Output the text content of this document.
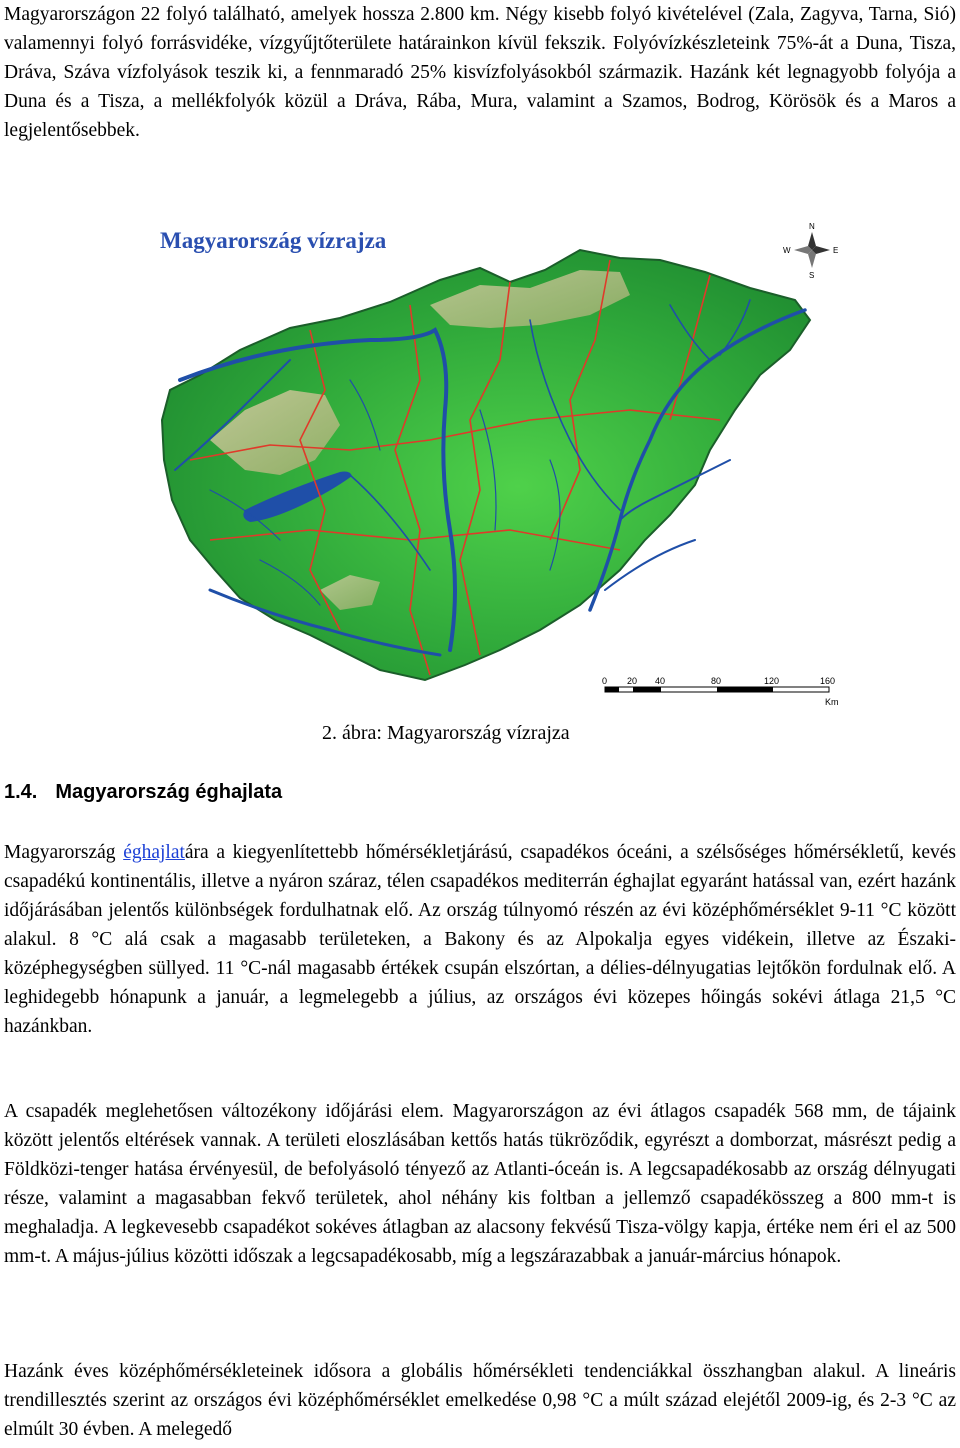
Magyarországon 22 folyó található, amelyek hossza 2.800 km. Négy kisebb folyó kivételével (Zala, Zagyva, Tarna, Sió) valamennyi folyó forrásvidéke, vízgyűjtőterülete határainkon kívül fekszik. Folyóvízkészleteink 75%-át a Duna, Tisza, Dráva, Száva vízfolyások teszik ki, a fennmaradó 25% kisvízfolyásokból származik. Hazánk két legnagyobb folyója a Duna és a Tisza, a mellékfolyók közül a Dráva, Rába, Mura, valamint a Szamos, Bodrog, Körösök és a Maros a legjelentősebbek.

Magyarország vízrajza
N
S
W	E
0 20 40	80	120	160
Km
2. ábra: Magyarország vízrajza
1.4. Magyarország éghajlata

Magyarország éghajlatára a kiegyenlítettebb hőmérsékletjárású, csapadékos óceáni, a szélsőséges hőmérsékletű, kevés csapadékú kontinentális, illetve a nyáron száraz, télen csapadékos mediterrán éghajlat egyaránt hatással van, ezért hazánk időjárásában jelentős különbségek fordulhatnak elő. Az ország túlnyomó részén az évi középhőmérséklet 9-11 °C között alakul. 8 °C alá csak a magasabb területeken, a Bakony és az Alpokalja egyes vidékein, illetve az Északi-középhegységben süllyed. 11 °C-nál magasabb értékek csupán elszórtan, a délies-délnyugatias lejtőkön fordulnak elő. A leghidegebb hónapunk a január, a legmelegebb a július, az országos évi közepes hőingás sokévi átlaga 21,5 °C hazánkban.

A csapadék meglehetősen változékony időjárási elem. Magyarországon az évi átlagos csapadék 568 mm, de tájaink között jelentős eltérések vannak. A területi eloszlásában kettős hatás tükröződik, egyrészt a domborzat, másrészt pedig a Földközi-tenger hatása érvényesül, de befolyásoló tényező az Atlanti-óceán is. A legcsapadékosabb az ország délnyugati része, valamint a magasabban fekvő területek, ahol néhány kis foltban a jellemző csapadékösszeg a 800 mm-t is meghaladja. A legkevesebb csapadékot sokéves átlagban az alacsony fekvésű Tisza-völgy kapja, értéke nem éri el az 500 mm-t. A május-július közötti időszak a legcsapadékosabb, míg a legszárazabbak a január-március hónapok.

Hazánk éves középhőmérsékleteinek idősora a globális hőmérsékleti tendenciákkal összhangban alakul. A lineáris trendillesztés szerint az országos évi középhőmérséklet emelkedése 0,98 °C a múlt század elejétől 2009-ig, és 2-3 °C az elmúlt 30 évben. A melegedő
